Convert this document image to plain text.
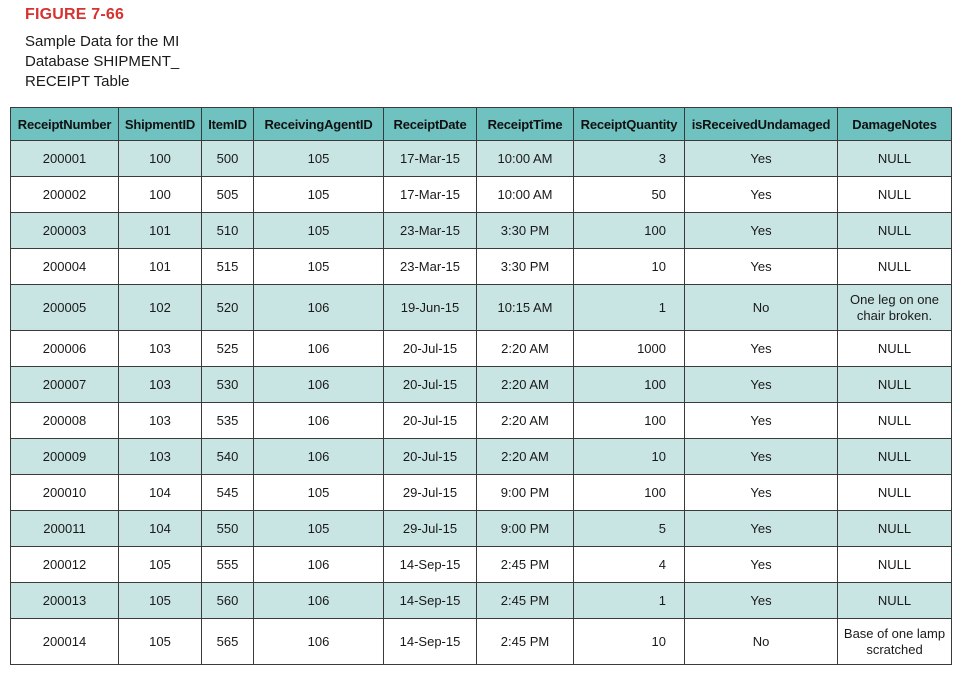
FIGURE 7-66
Sample Data for the MI
Database SHIPMENT_
RECEIPT Table
ReceiptNumber	ShipmentID	ItemID	ReceivingAgentID	ReceiptDate	ReceiptTime	ReceiptQuantity	isReceivedUndamaged	DamageNotes
200001	100	500	105	17-Mar-15	10:00 AM	3	Yes	NULL
200002	100	505	105	17-Mar-15	10:00 AM	50	Yes	NULL
200003	101	510	105	23-Mar-15	3:30 PM	100	Yes	NULL
200004	101	515	105	23-Mar-15	3:30 PM	10	Yes	NULL
200005	102	520	106	19-Jun-15	10:15 AM	1	No	One leg on one chair broken.
200006	103	525	106	20-Jul-15	2:20 AM	1000	Yes	NULL
200007	103	530	106	20-Jul-15	2:20 AM	100	Yes	NULL
200008	103	535	106	20-Jul-15	2:20 AM	100	Yes	NULL
200009	103	540	106	20-Jul-15	2:20 AM	10	Yes	NULL
200010	104	545	105	29-Jul-15	9:00 PM	100	Yes	NULL
200011	104	550	105	29-Jul-15	9:00 PM	5	Yes	NULL
200012	105	555	106	14-Sep-15	2:45 PM	4	Yes	NULL
200013	105	560	106	14-Sep-15	2:45 PM	1	Yes	NULL
200014	105	565	106	14-Sep-15	2:45 PM	10	No	Base of one lamp scratched
